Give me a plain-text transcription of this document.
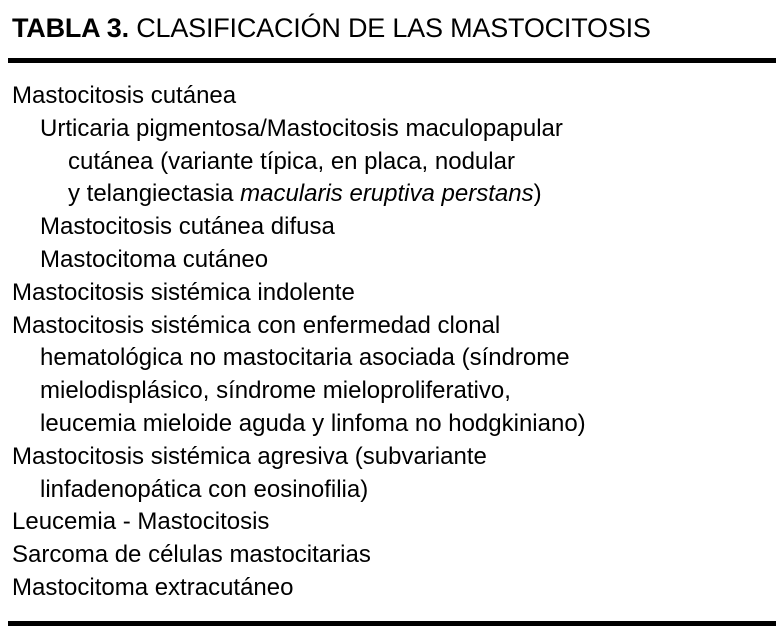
TABLA 3. CLASIFICACIÓN DE LAS MASTOCITOSIS
Mastocitosis cutánea
Urticaria pigmentosa/Mastocitosis maculopapular
cutánea (variante típica, en placa, nodular
y telangiectasia macularis eruptiva perstans)
Mastocitosis cutánea difusa
Mastocitoma cutáneo
Mastocitosis sistémica indolente
Mastocitosis sistémica con enfermedad clonal
hematológica no mastocitaria asociada (síndrome
mielodisplásico, síndrome mieloproliferativo,
leucemia mieloide aguda y linfoma no hodgkiniano)
Mastocitosis sistémica agresiva (subvariante
linfadenopática con eosinofilia)
Leucemia - Mastocitosis
Sarcoma de células mastocitarias
Mastocitoma extracutáneo
